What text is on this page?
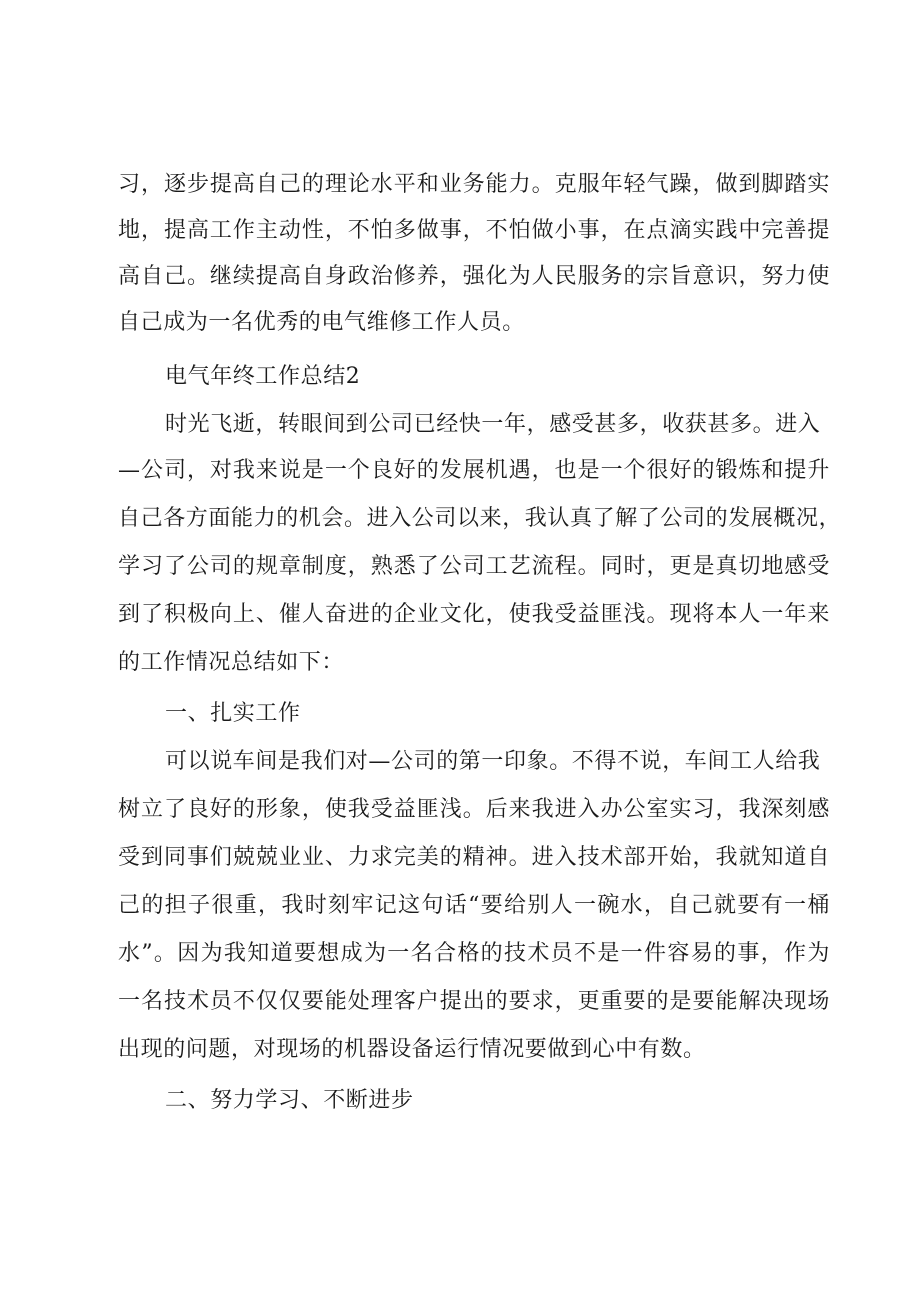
习，逐步提高自己的理论水平和业务能力。克服年轻气躁，做到脚踏实
地，提高工作主动性，不怕多做事，不怕做小事，在点滴实践中完善提
高自己。继续提高自身政治修养，强化为人民服务的宗旨意识，努力使
自己成为一名优秀的电气维修工作人员。
电气年终工作总结2
时光飞逝，转眼间到公司已经快一年，感受甚多，收获甚多。进入
—公司，对我来说是一个良好的发展机遇，也是一个很好的锻炼和提升
自己各方面能力的机会。进入公司以来，我认真了解了公司的发展概况，
学习了公司的规章制度，熟悉了公司工艺流程。同时，更是真切地感受
到了积极向上、催人奋进的企业文化，使我受益匪浅。现将本人一年来
的工作情况总结如下：
一、扎实工作
可以说车间是我们对—公司的第一印象。不得不说，车间工人给我
树立了良好的形象，使我受益匪浅。后来我进入办公室实习，我深刻感
受到同事们兢兢业业、力求完美的精神。进入技术部开始，我就知道自
己的担子很重，我时刻牢记这句话“要给别人一碗水，自己就要有一桶
水”。因为我知道要想成为一名合格的技术员不是一件容易的事，作为
一名技术员不仅仅要能处理客户提出的要求，更重要的是要能解决现场
出现的问题，对现场的机器设备运行情况要做到心中有数。
二、努力学习、不断进步
